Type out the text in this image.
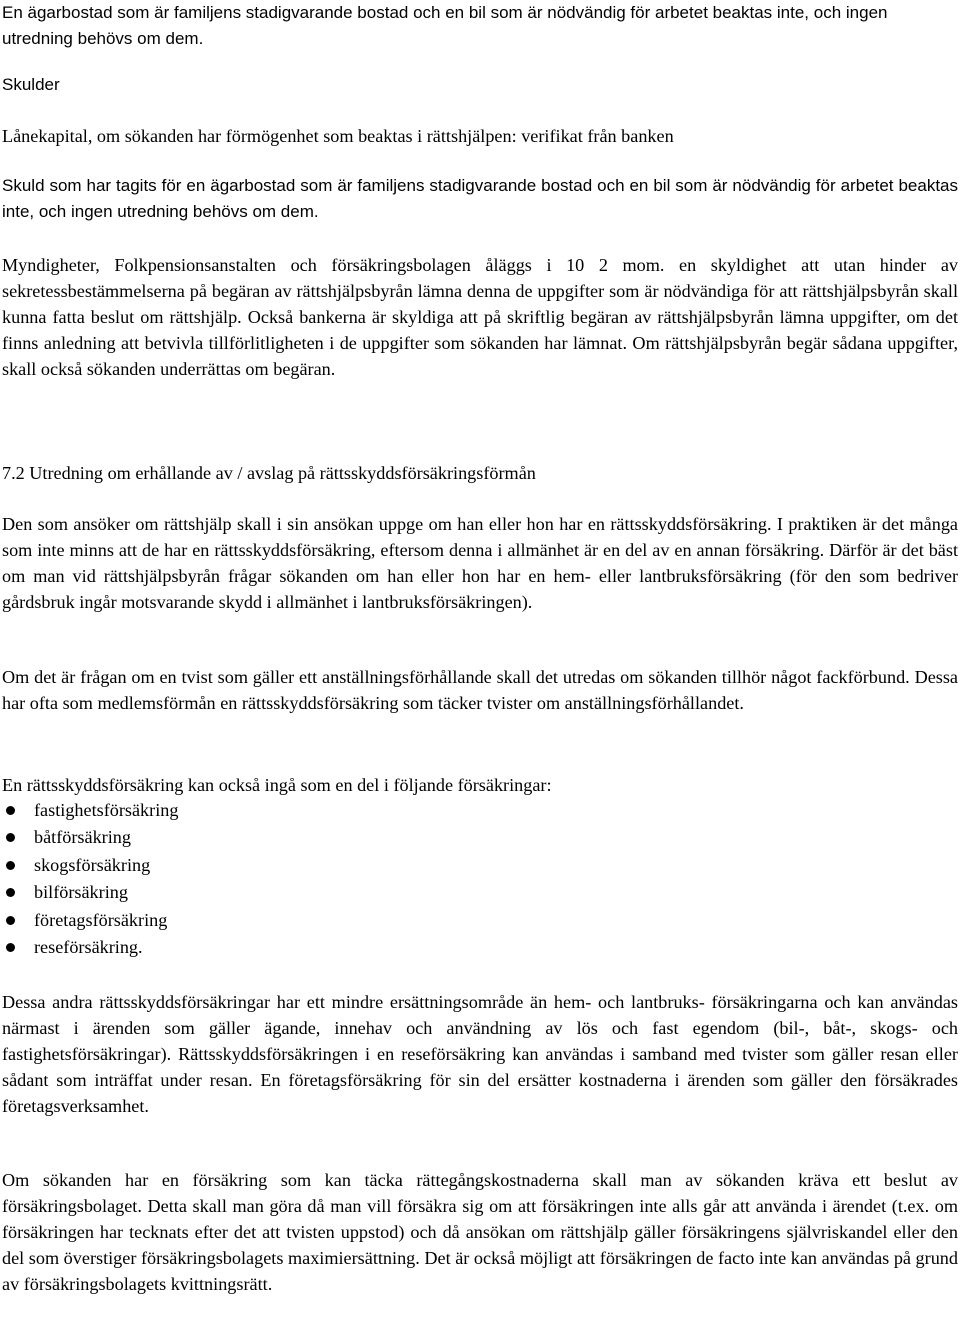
En ägarbostad som är familjens stadigvarande bostad och en bil som är nödvändig för arbetet beaktas inte, och ingen utredning behövs om dem.

Skulder

Lånekapital, om sökanden har förmögenhet som beaktas i rättshjälpen: verifikat från banken

Skuld som har tagits för en ägarbostad som är familjens stadigvarande bostad och en bil som är nödvändig för arbetet beaktas inte, och ingen utredning behövs om dem.

Myndigheter, Folkpensionsanstalten och försäkringsbolagen åläggs i 10 2 mom. en skyldighet att utan hinder av sekretessbestämmelserna på begäran av rättshjälpsbyrån lämna denna de uppgifter som är nödvändiga för att rättshjälpsbyrån skall kunna fatta beslut om rättshjälp. Också bankerna är skyldiga att på skriftlig begäran av rättshjälpsbyrån lämna uppgifter, om det finns anledning att betvivla tillförlitligheten i de uppgifter som sökanden har lämnat. Om rättshjälpsbyrån begär sådana uppgifter, skall också sökanden underrättas om begäran.

7.2 Utredning om erhållande av / avslag på rättsskyddsförsäkringsförmån

Den som ansöker om rättshjälp skall i sin ansökan uppge om han eller hon har en rättsskyddsförsäkring. I praktiken är det många som inte minns att de har en rättsskyddsförsäkring, eftersom denna i allmänhet är en del av en annan försäkring. Därför är det bäst om man vid rättshjälpsbyrån frågar sökanden om han eller hon har en hem- eller lantbruksförsäkring (för den som bedriver gårdsbruk ingår motsvarande skydd i allmänhet i lantbruksförsäkringen).

Om det är frågan om en tvist som gäller ett anställningsförhållande skall det utredas om sökanden tillhör något fackförbund. Dessa har ofta som medlemsförmån en rättsskyddsförsäkring som täcker tvister om anställningsförhållandet.

En rättsskyddsförsäkring kan också ingå som en del i följande försäkringar:

fastighetsförsäkring
båtförsäkring
skogsförsäkring
bilförsäkring
företagsförsäkring
reseförsäkring.

Dessa andra rättsskyddsförsäkringar har ett mindre ersättningsområde än hem- och lantbruks- försäkringarna och kan användas närmast i ärenden som gäller ägande, innehav och användning av lös och fast egendom (bil-, båt-, skogs- och fastighetsförsäkringar). Rättsskyddsförsäkringen i en reseförsäkring kan användas i samband med tvister som gäller resan eller sådant som inträffat under resan. En företagsförsäkring för sin del ersätter kostnaderna i ärenden som gäller den försäkrades företagsverksamhet.

Om sökanden har en försäkring som kan täcka rättegångskostnaderna skall man av sökanden kräva ett beslut av försäkringsbolaget. Detta skall man göra då man vill försäkra sig om att försäkringen inte alls går att använda i ärendet (t.ex. om försäkringen har tecknats efter det att tvisten uppstod) och då ansökan om rättshjälp gäller försäkringens självriskandel eller den del som överstiger försäkringsbolagets maximiersättning. Det är också möjligt att försäkringen de facto inte kan användas på grund av försäkringsbolagets kvittningsrätt.
